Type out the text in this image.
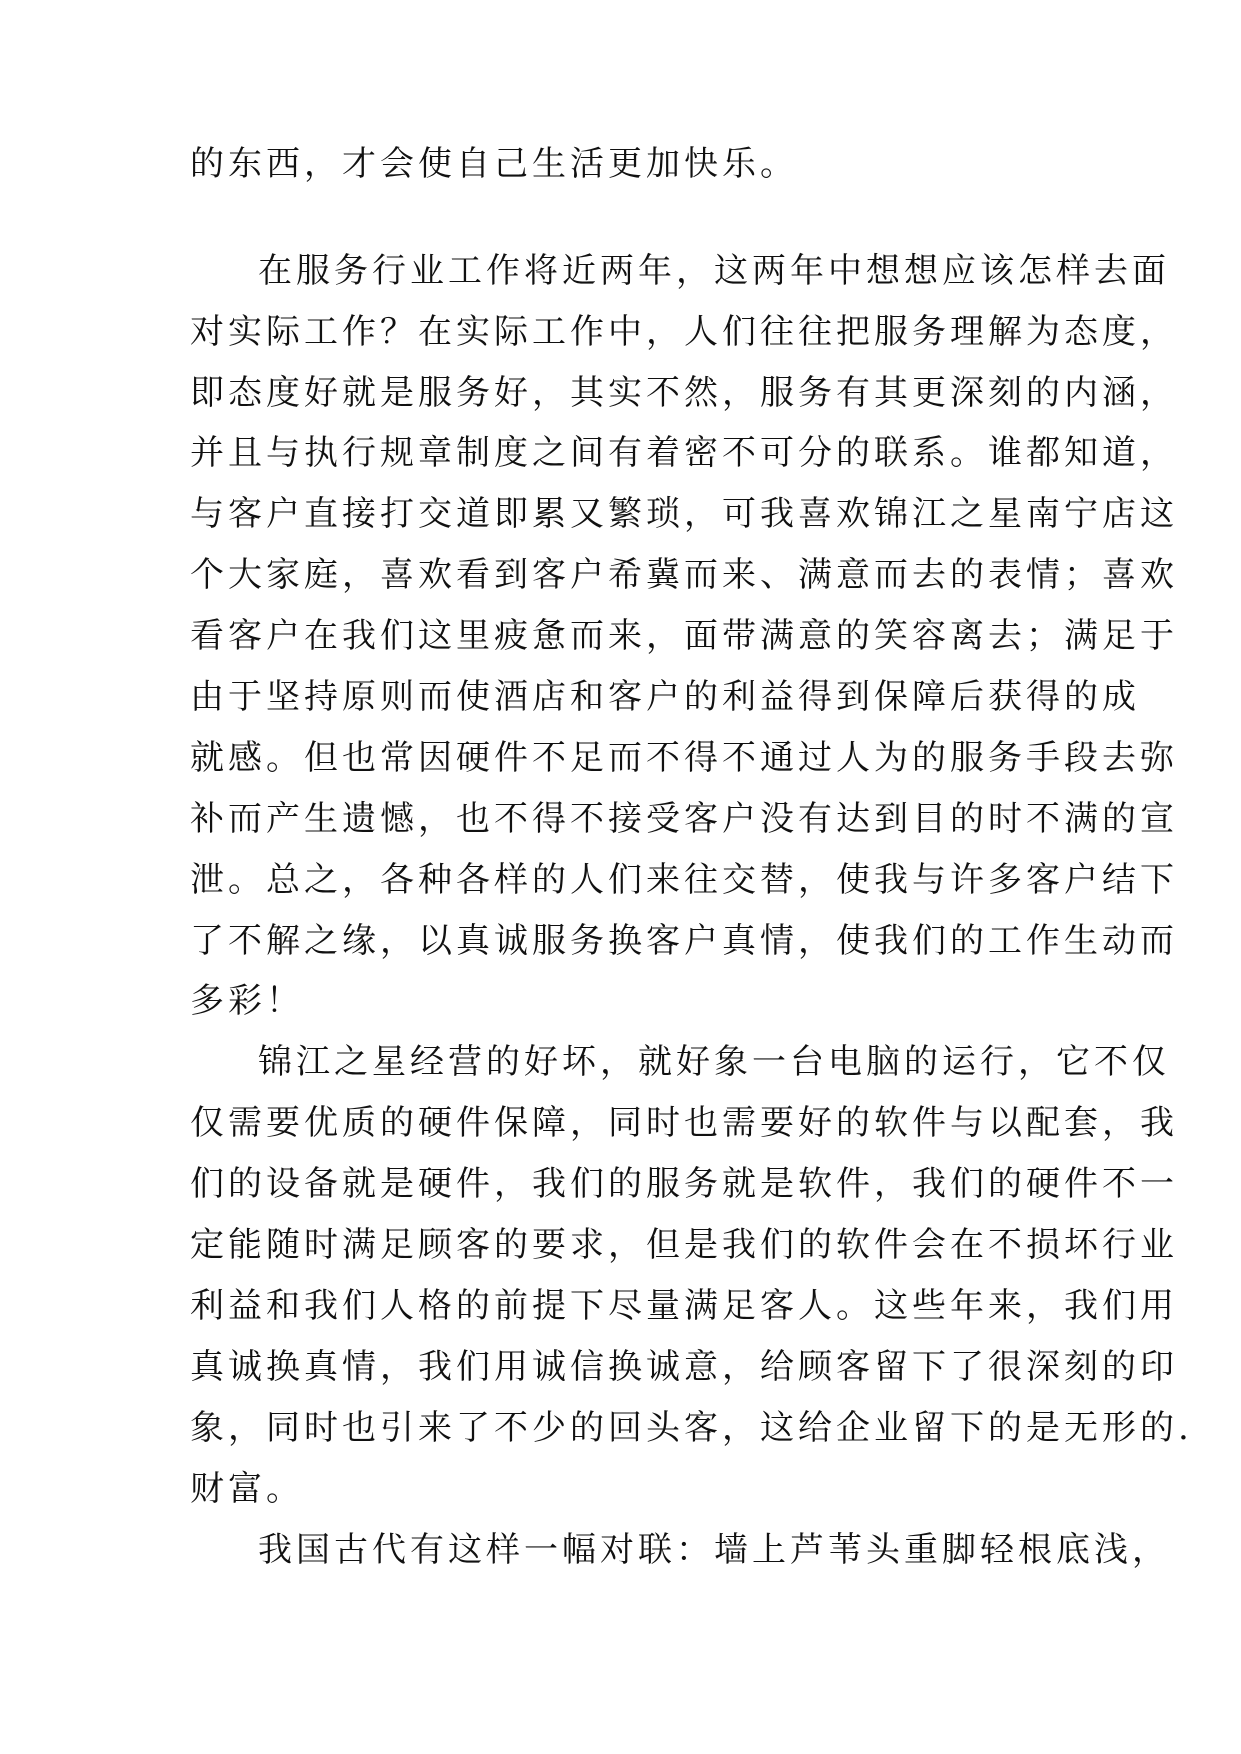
的东西，才会使自己生活更加快乐。
在服务行业工作将近两年，这两年中想想应该怎样去面
对实际工作？在实际工作中，人们往往把服务理解为态度，
即态度好就是服务好，其实不然，服务有其更深刻的内涵，
并且与执行规章制度之间有着密不可分的联系。谁都知道，
与客户直接打交道即累又繁琐，可我喜欢锦江之星南宁店这
个大家庭，喜欢看到客户希冀而来、满意而去的表情；喜欢
看客户在我们这里疲惫而来，面带满意的笑容离去；满足于
由于坚持原则而使酒店和客户的利益得到保障后获得的成
就感。但也常因硬件不足而不得不通过人为的服务手段去弥
补而产生遗憾，也不得不接受客户没有达到目的时不满的宣
泄。总之，各种各样的人们来往交替，使我与许多客户结下
了不解之缘，以真诚服务换客户真情，使我们的工作生动而
多彩！
锦江之星经营的好坏，就好象一台电脑的运行，它不仅
仅需要优质的硬件保障，同时也需要好的软件与以配套，我
们的设备就是硬件，我们的服务就是软件，我们的硬件不一
定能随时满足顾客的要求，但是我们的软件会在不损坏行业
利益和我们人格的前提下尽量满足客人。这些年来，我们用
真诚换真情，我们用诚信换诚意，给顾客留下了很深刻的印
象，同时也引来了不少的回头客，这给企业留下的是无形的.
财富。
我国古代有这样一幅对联：墙上芦苇头重脚轻根底浅，
